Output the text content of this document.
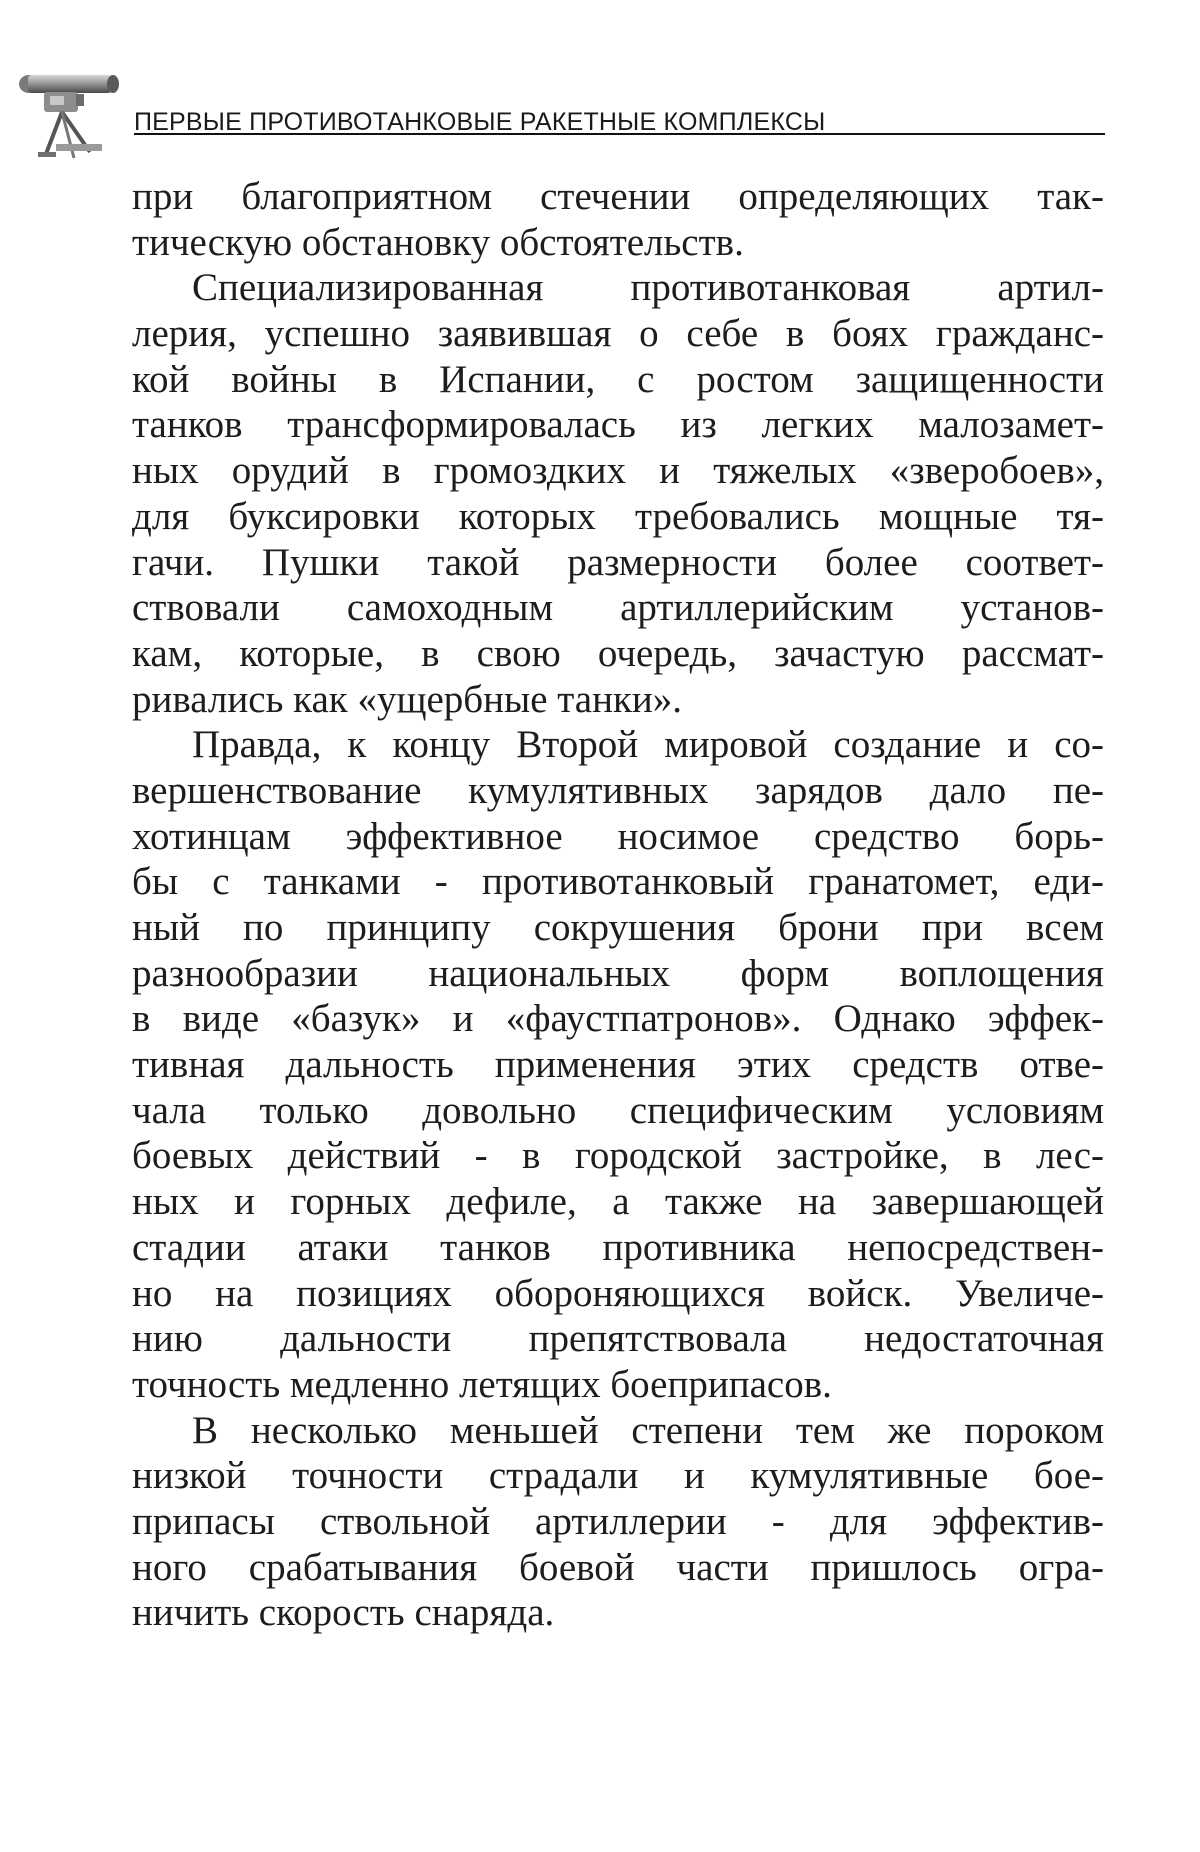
ПЕРВЫЕ ПРОТИВОТАНКОВЫЕ РАКЕТНЫЕ КОМПЛЕКСЫ
при благоприятном стечении определяющих так-
тическую обстановку обстоятельств.
Специализированная противотанковая артил-
лерия, успешно заявившая о себе в боях гражданс-
кой войны в Испании, с ростом защищенности
танков трансформировалась из легких малозамет-
ных орудий в громоздких и тяжелых «зверобоев»,
для буксировки которых требовались мощные тя-
гачи. Пушки такой размерности более соответ-
ствовали самоходным артиллерийским установ-
кам, которые, в свою очередь, зачастую рассмат-
ривались как «ущербные танки».
Правда, к концу Второй мировой создание и со-
вершенствование кумулятивных зарядов дало пе-
хотинцам эффективное носимое средство борь-
бы с танками - противотанковый гранатомет, еди-
ный по принципу сокрушения брони при всем
разнообразии национальных форм воплощения
в виде «базук» и «фаустпатронов». Однако эффек-
тивная дальность применения этих средств отве-
чала только довольно специфическим условиям
боевых действий - в городской застройке, в лес-
ных и горных дефиле, а также на завершающей
стадии атаки танков противника непосредствен-
но на позициях обороняющихся войск. Увеличе-
нию дальности препятствовала недостаточная
точность медленно летящих боеприпасов.
В несколько меньшей степени тем же пороком
низкой точности страдали и кумулятивные бое-
припасы ствольной артиллерии - для эффектив-
ного срабатывания боевой части пришлось огра-
ничить скорость снаряда.
